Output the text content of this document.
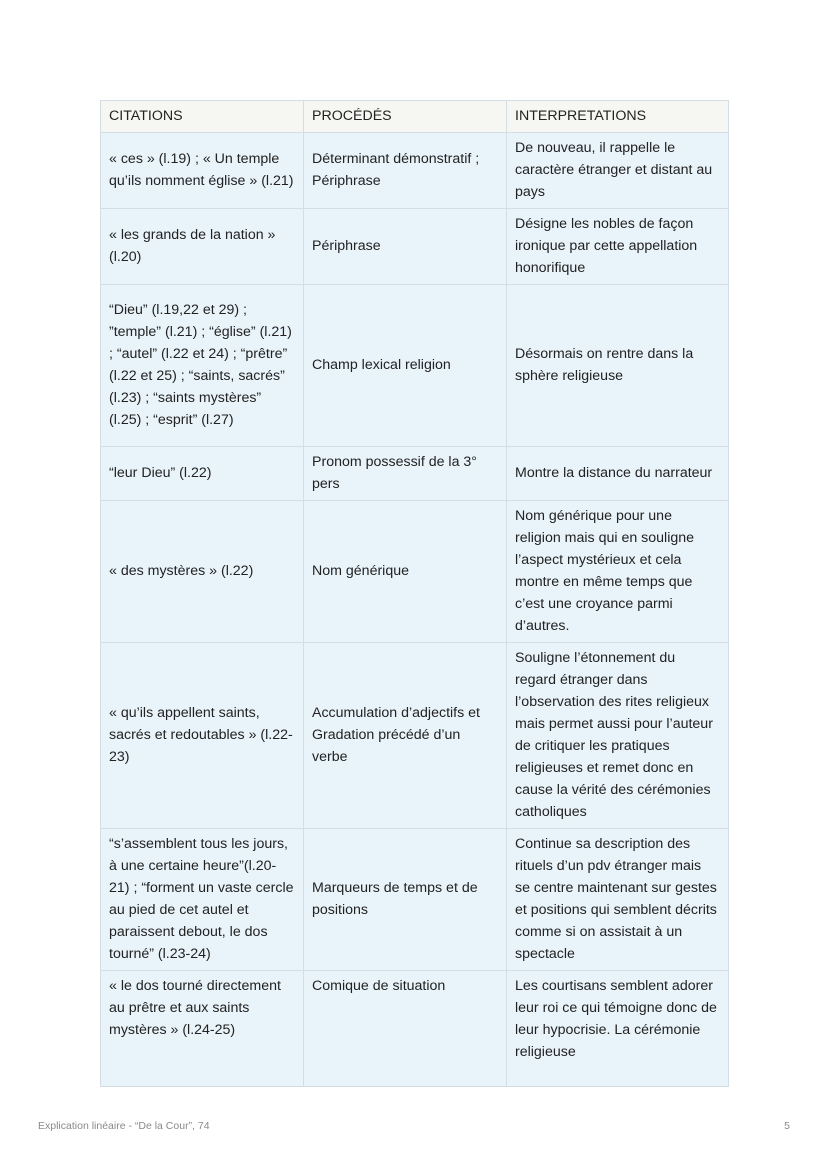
CITATIONS	PROCÉDÉS	INTERPRETATIONS
« ces » (l.19) ; « Un temple qu’ils nomment église » (l.21)	Déterminant démonstratif ; Périphrase	De nouveau, il rappelle le caractère étranger et distant au pays
« les grands de la nation » (l.20)	Périphrase	Désigne les nobles de façon ironique par cette appellation honorifique
“Dieu” (l.19,22 et 29) ; ”temple” (l.21) ; “église” (l.21) ; “autel” (l.22 et 24) ; “prêtre” (l.22 et 25) ; “saints, sacrés” (l.23) ; “saints mystères” (l.25) ; “esprit” (l.27)	Champ lexical religion	Désormais on rentre dans la sphère religieuse
“leur Dieu” (l.22)	Pronom possessif de la 3° pers	Montre la distance du narrateur
« des mystères » (l.22)	Nom générique	Nom générique pour une religion mais qui en souligne l’aspect mystérieux et cela montre en même temps que c’est une croyance parmi d’autres.
« qu’ils appellent saints, sacrés et redoutables » (l.22-23)	Accumulation d’adjectifs et Gradation précédé d’un verbe	Souligne l’étonnement du regard étranger dans l’observation des rites religieux mais permet aussi pour l’auteur de critiquer les pratiques religieuses et remet donc en cause la vérité des cérémonies catholiques
“s’assemblent tous les jours, à une certaine heure”(l.20-21) ; “forment un vaste cercle au pied de cet autel et paraissent debout, le dos tourné” (l.23-24)	Marqueurs de temps et de positions	Continue sa description des rituels d’un pdv étranger mais se centre maintenant sur gestes et positions qui semblent décrits comme si on assistait à un spectacle
« le dos tourné directement au prêtre et aux saints mystères » (l.24-25)	Comique de situation	Les courtisans semblent adorer leur roi ce qui témoigne donc de leur hypocrisie. La cérémonie religieuse
Explication linéaire - “De la Cour”, 74	5
